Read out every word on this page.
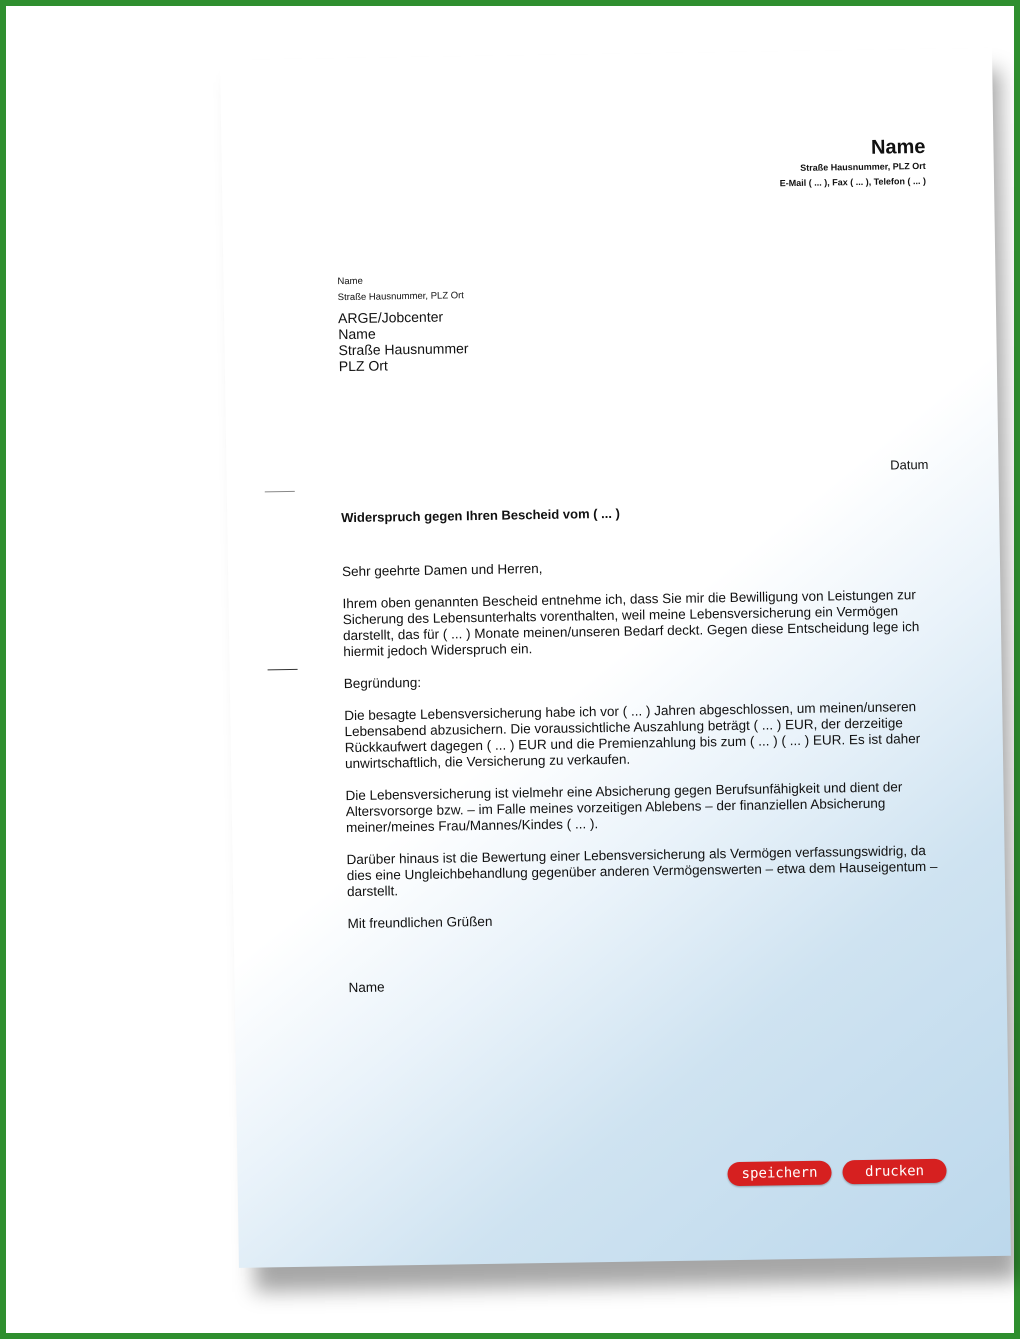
Name
Straße Hausnummer, PLZ Ort
E-Mail ( ... ), Fax ( ... ), Telefon ( ... )
Name
Straße Hausnummer, PLZ Ort
ARGE/Jobcenter
Name
Straße Hausnummer
PLZ Ort
Datum
Widerspruch gegen Ihren Bescheid vom ( ... )

Sehr geehrte Damen und Herren,

Ihrem oben genannten Bescheid entnehme ich, dass Sie mir die Bewilligung von Leistungen zur Sicherung des Lebensunterhalts vorenthalten, weil meine Lebensversicherung ein Vermögen darstellt, das für ( ... ) Monate meinen/unseren Bedarf deckt. Gegen diese Entscheidung lege ich hiermit jedoch Widerspruch ein.

Begründung:

Die besagte Lebensversicherung habe ich vor ( ... ) Jahren abgeschlossen, um meinen/unseren Lebensabend abzusichern. Die voraussichtliche Auszahlung beträgt ( ... ) EUR, der derzeitige Rückkaufwert dagegen ( ... ) EUR und die Premienzahlung bis zum ( ... ) ( ... ) EUR. Es ist daher unwirtschaftlich, die Versicherung zu verkaufen.

Die Lebensversicherung ist vielmehr eine Absicherung gegen Berufsunfähigkeit und dient der Altersvorsorge bzw. – im Falle meines vorzeitigen Ablebens – der finanziellen Absicherung meiner/meines Frau/Mannes/Kindes ( ... ).

Darüber hinaus ist die Bewertung einer Lebensversicherung als Vermögen verfassungswidrig, da dies eine Ungleichbehandlung gegenüber anderen Vermögenswerten – etwa dem Hauseigentum – darstellt.

Mit freundlichen Grüßen

Name

speichern	drucken
